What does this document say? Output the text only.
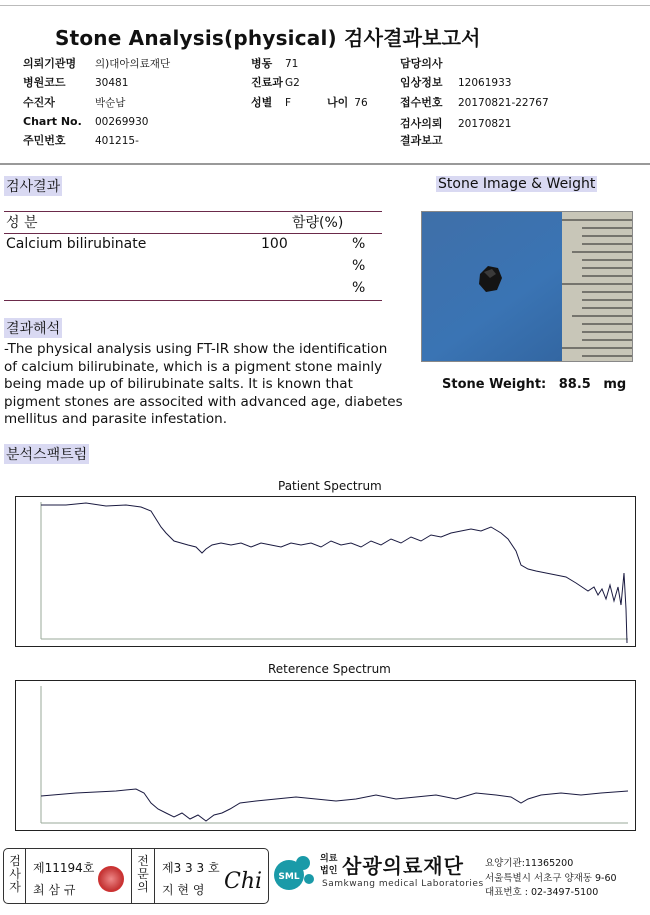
Stone Analysis(physical) 검사결과보고서
의뢰기관명 의)대아의료재단
병원코드	30481
수진자	박순남
Chart No. 00269930
주민번호	401215-
병동 71
진료과 G2
성별 F	나이 76
담당의사
임상정보 12061933
접수번호 20170821-22767
검사의뢰 20170821
결과보고
검사결과
성 분	함량(%)
Calcium bilirubinate	100	%
%
%
결과해석
-The physical analysis using FT-IR show the identification of calcium bilirubinate, which is a pigment stone mainly being made up of bilirubinate salts. It is known that pigment stones are associted with advanced age, diabetes mellitus and parasite infestation.
Stone Image & Weight
Stone Weight: 88.5 mg
분석스팩트럼
Patient Spectrum
Reterence Spectrum
검사자
제11194호
최 삼 규
전문의
제3 3 3 호
지 현 영 Chi SML
의료
법인 삼광의료재단
Samkwang medical Laboratories
요양기관:11365200
서울특별시 서초구 양재동 9-60
대표번호 : 02-3497-5100
